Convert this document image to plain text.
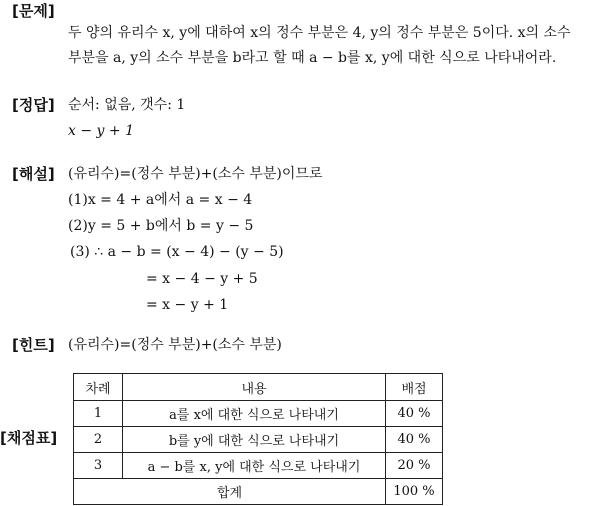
[문제]
두 양의 유리수 x, y에 대하여 x의 정수 부분은 4, y의 정수 부분은 5이다. x의 소수
부분을 a, y의 소수 부분을 b라고 할 때 a − b를 x, y에 대한 식으로 나타내어라.
[정답] 순서: 없음, 갯수: 1
x − y + 1
[해설] (유리수)=(정수 부분)+(소수 부분)이므로
(1)x = 4 + a에서 a = x − 4
(2)y = 5 + b에서 b = y − 5
(3) ∴ a − b = (x − 4) − (y − 5)
= x − 4 − y + 5
= x − y + 1
[힌트] (유리수)=(정수 부분)+(소수 부분)
[채점표]
차례	내용	배점
1	a를 x에 대한 식으로 나타내기	40 %
2	b를 y에 대한 식으로 나타내기	40 %
3	a − b를 x, y에 대한 식으로 나타내기	20 %
합계		100 %
